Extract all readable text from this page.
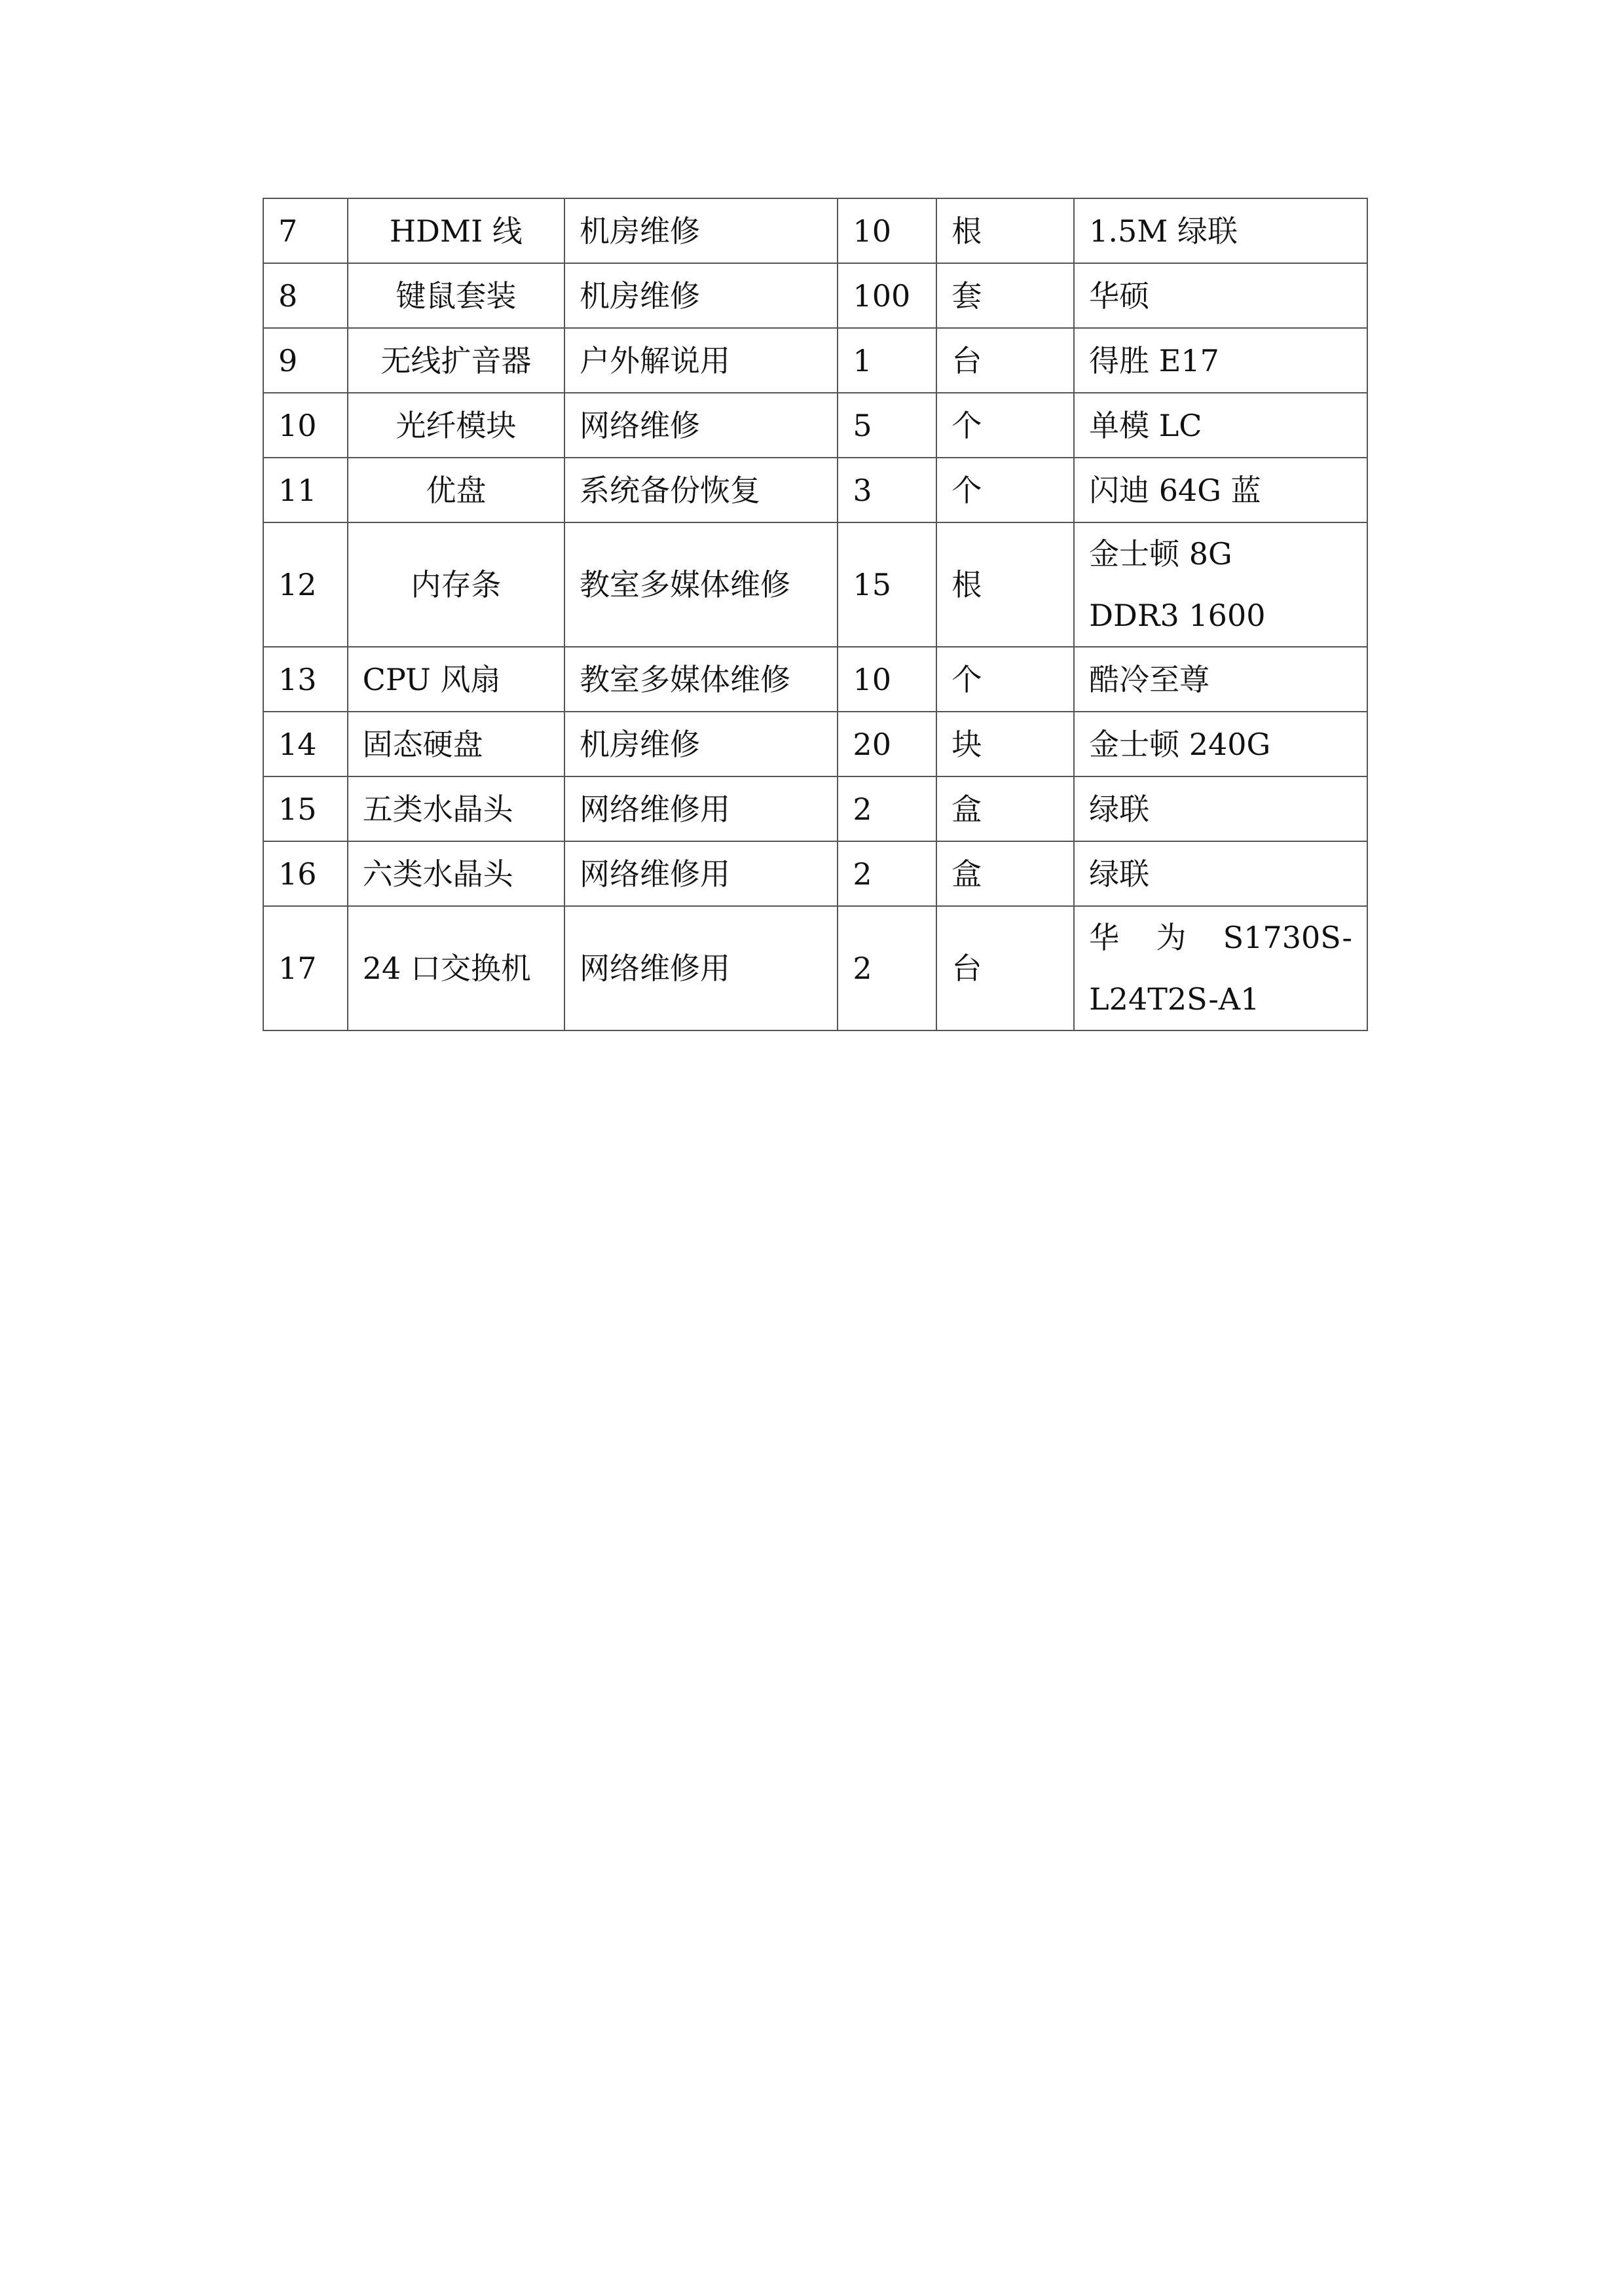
7	HDMI 线	机房维修	10	根	1.5M 绿联
8	键鼠套装	机房维修	100	套	华硕
9	无线扩音器	户外解说用	1	台	得胜 E17
10	光纤模块	网络维修	5	个	单模 LC
11	优盘	系统备份恢复	3	个	闪迪 64G 蓝
12	内存条	教室多媒体维修	15	根	金士顿 8G
DDR3 1600

13	CPU 风扇	教室多媒体维修	10	个	酷冷至尊
14	固态硬盘	机房维修	20	块	金士顿 240G
15	五类水晶头	网络维修用	2	盒	绿联
16	六类水晶头	网络维修用	2	盒	绿联
17	24 口交换机	网络维修用	2	台	华 为 S1730S-
L24T2S-A1
